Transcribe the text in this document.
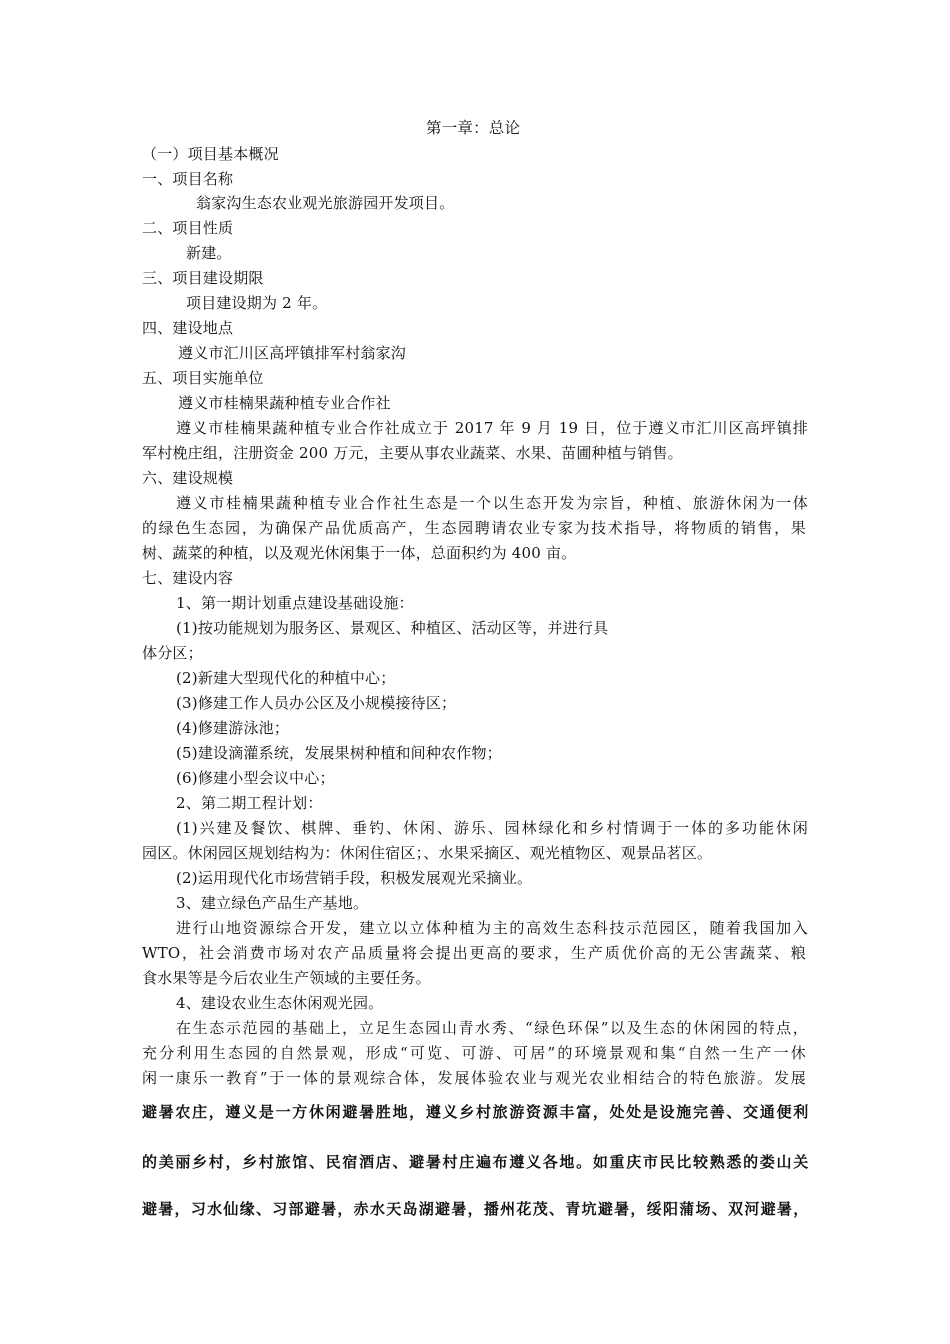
第一章：总论

（一）项目基本概况

一、项目名称

翁家沟生态农业观光旅游园开发项目。

二、项目性质

新建。

三、项目建设期限

项目建设期为 2 年。

四、建设地点

遵义市汇川区高坪镇排军村翁家沟

五、项目实施单位

遵义市桂楠果蔬种植专业合作社

遵义市桂楠果蔬种植专业合作社成立于 2017 年 9 月 19 日，位于遵义市汇川区高坪镇排

军村梚庄组，注册资金 200 万元，主要从事农业蔬菜、水果、苗圃种植与销售。

六、建设规模

遵义市桂楠果蔬种植专业合作社生态是一个以生态开发为宗旨，种植、旅游休闲为一体

的绿色生态园，为确保产品优质高产，生态园聘请农业专家为技术指导，将物质的销售，果

树、蔬菜的种植，以及观光休闲集于一体，总面积约为 400 亩。

七、建设内容

1、第一期计划重点建设基础设施：

(1)按功能规划为服务区、景观区、种植区、活动区等，并进行具

体分区；

(2)新建大型现代化的种植中心；

(3)修建工作人员办公区及小规模接待区；

(4)修建游泳池；

(5)建设滴灌系统，发展果树种植和间种农作物；

(6)修建小型会议中心；

2、第二期工程计划：

(1)兴建及餐饮、棋牌、垂钓、休闲、游乐、园林绿化和乡村情调于一体的多功能休闲

园区。休闲园区规划结构为：休闲住宿区；、水果采摘区、观光植物区、观景品茗区。

(2)运用现代化市场营销手段，积极发展观光采摘业。

3、建立绿色产品生产基地。

进行山地资源综合开发，建立以立体种植为主的高效生态科技示范园区，随着我国加入

WTO，社会消费市场对农产品质量将会提出更高的要求，生产质优价高的无公害蔬菜、粮

食水果等是今后农业生产领域的主要任务。

4、建设农业生态休闲观光园。

在生态示范园的基础上，立足生态园山青水秀、“绿色环保”以及生态的休闲园的特点，

充分利用生态园的自然景观，形成“可览、可游、可居”的环境景观和集“自然一生产一休

闲一康乐一教育”于一体的景观综合体，发展体验农业与观光农业相结合的特色旅游。发展

避暑农庄，遵义是一方休闲避暑胜地，遵义乡村旅游资源丰富，处处是设施完善、交通便利

的美丽乡村，乡村旅馆、民宿酒店、避暑村庄遍布遵义各地。如重庆市民比较熟悉的娄山关

避暑，习水仙缘、习部避暑，赤水天岛湖避暑，播州花茂、青坑避暑，绥阳蒲场、双河避暑，
